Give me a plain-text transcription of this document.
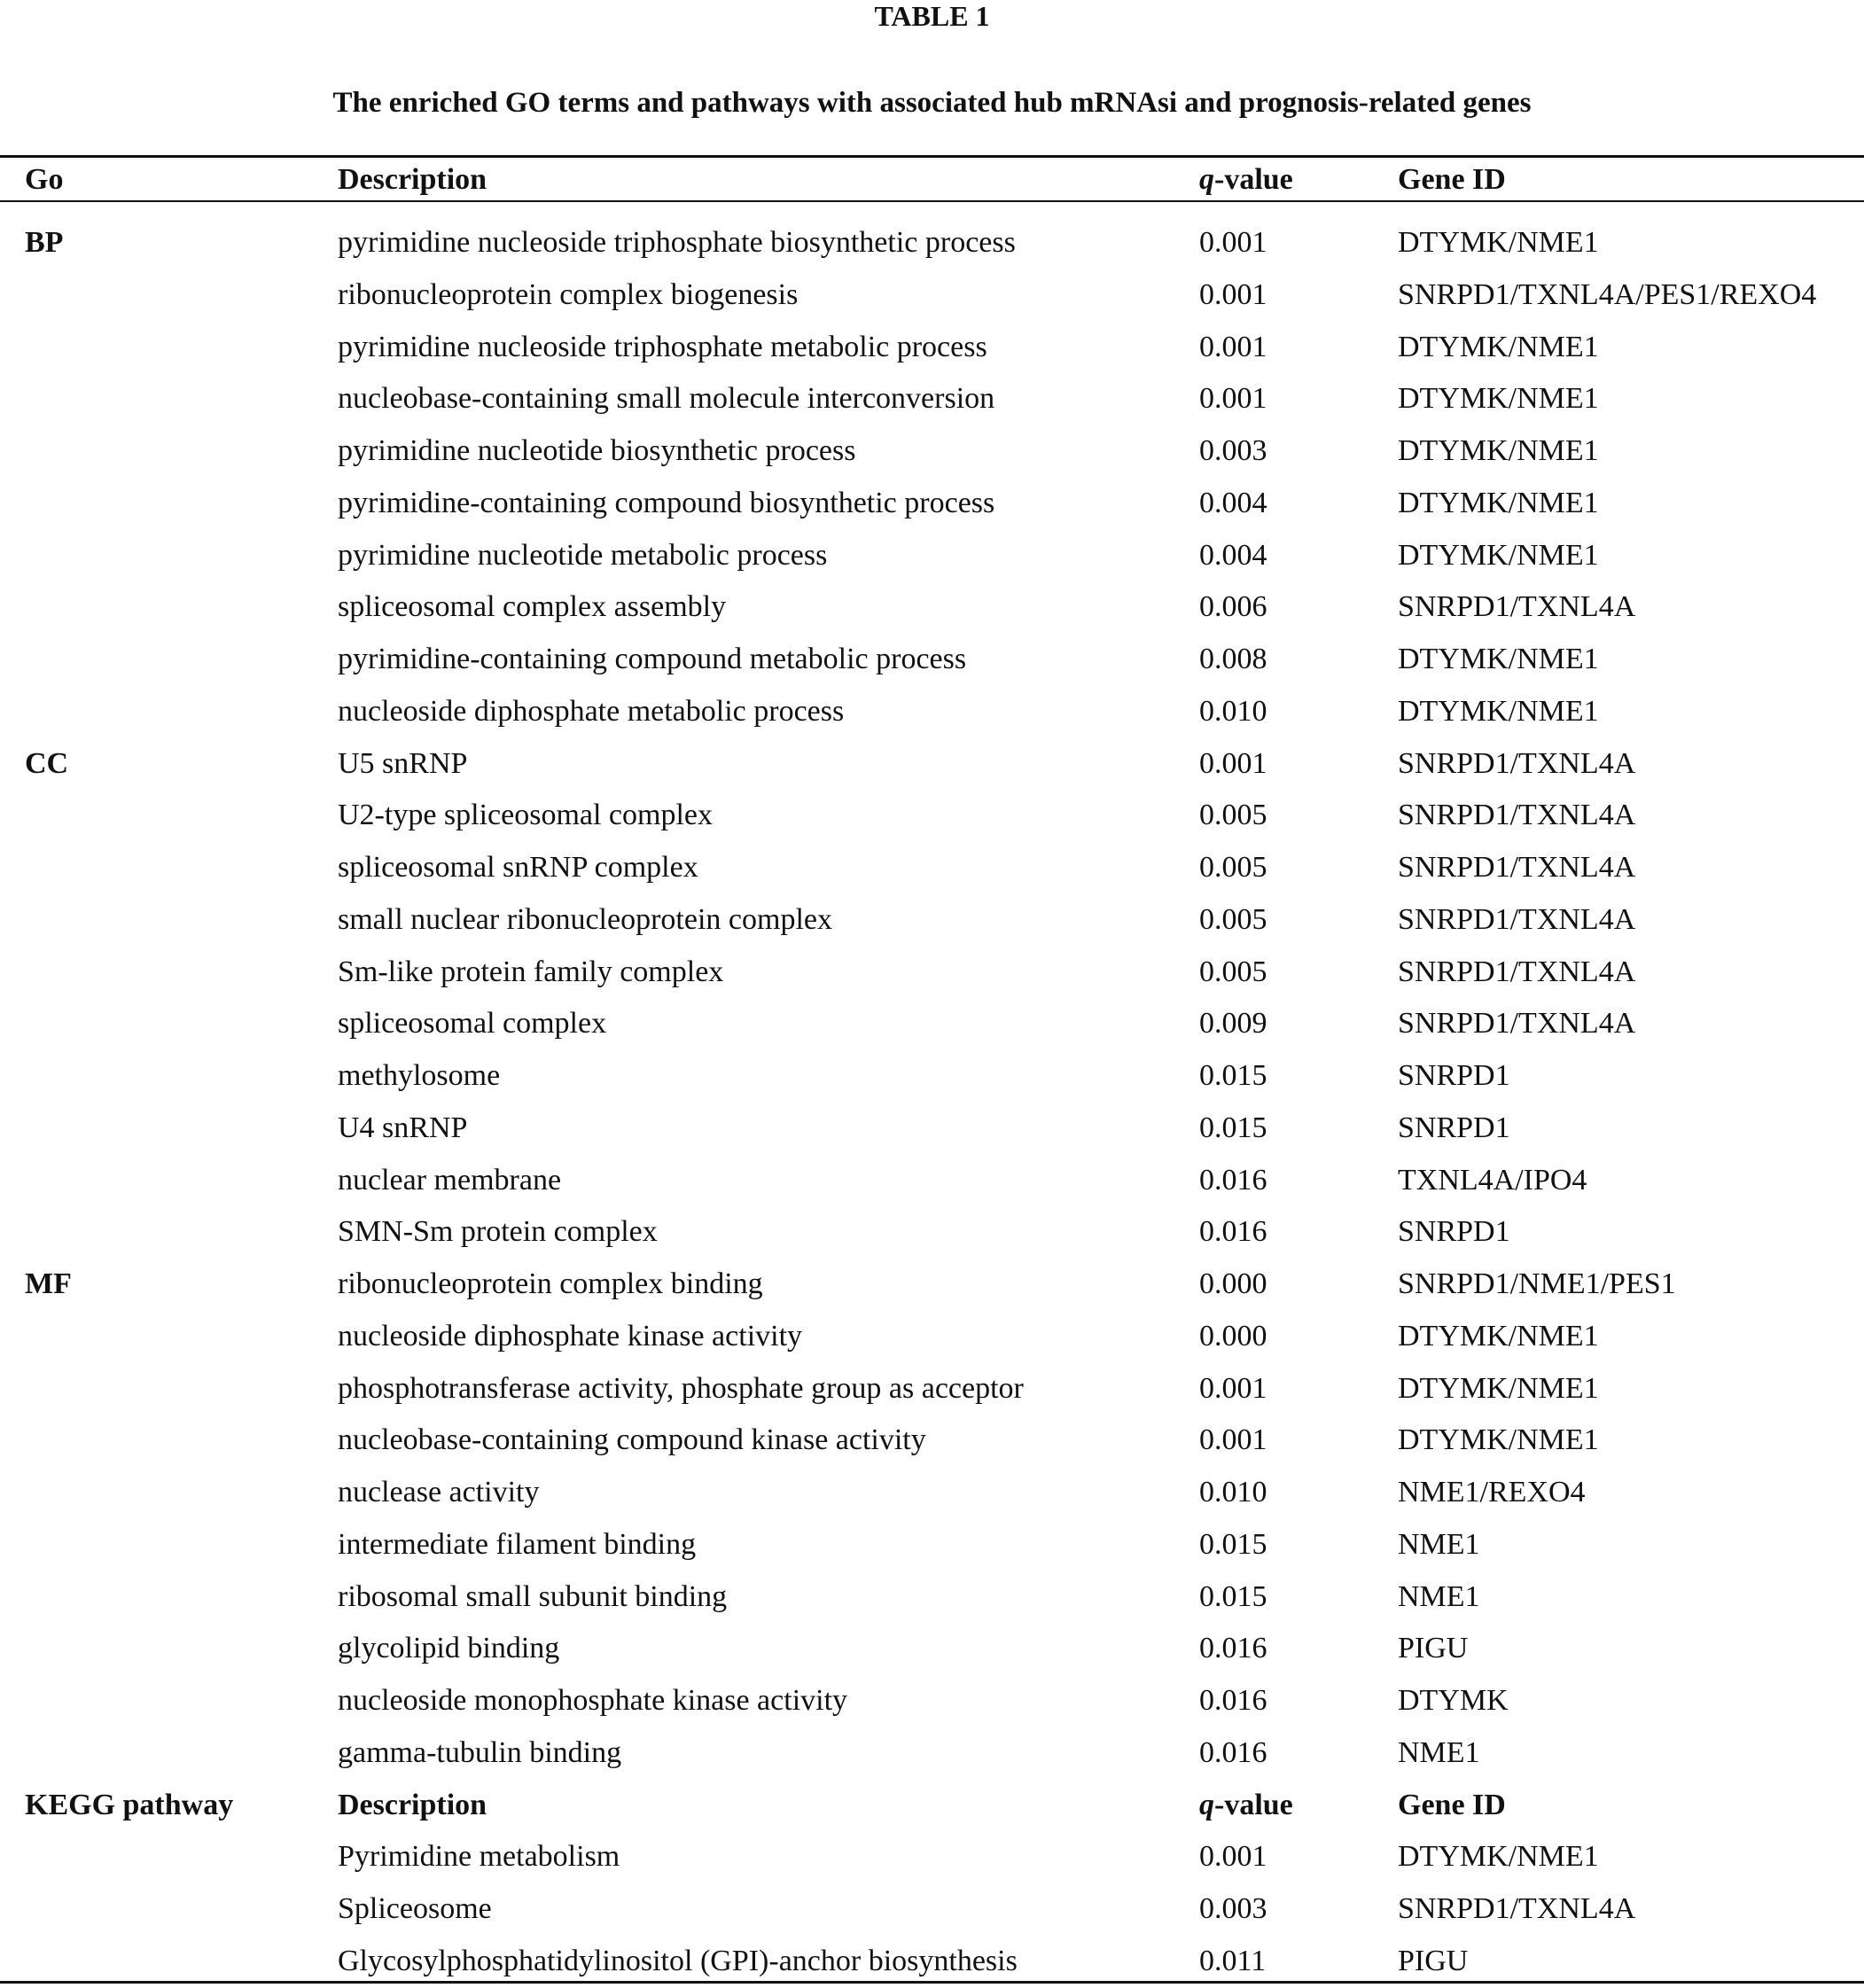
TABLE 1
The enriched GO terms and pathways with associated hub mRNAsi and prognosis-related genes
Go	Description	q-value	Gene ID
BP	pyrimidine nucleoside triphosphate biosynthetic process	0.001	DTYMK/NME1
ribonucleoprotein complex biogenesis	0.001	SNRPD1/TXNL4A/PES1/REXO4
pyrimidine nucleoside triphosphate metabolic process	0.001	DTYMK/NME1
nucleobase-containing small molecule interconversion	0.001	DTYMK/NME1
pyrimidine nucleotide biosynthetic process	0.003	DTYMK/NME1
pyrimidine-containing compound biosynthetic process	0.004	DTYMK/NME1
pyrimidine nucleotide metabolic process	0.004	DTYMK/NME1
spliceosomal complex assembly	0.006	SNRPD1/TXNL4A
pyrimidine-containing compound metabolic process	0.008	DTYMK/NME1
nucleoside diphosphate metabolic process	0.010	DTYMK/NME1
CC	U5 snRNP	0.001	SNRPD1/TXNL4A
U2-type spliceosomal complex	0.005	SNRPD1/TXNL4A
spliceosomal snRNP complex	0.005	SNRPD1/TXNL4A
small nuclear ribonucleoprotein complex	0.005	SNRPD1/TXNL4A
Sm-like protein family complex	0.005	SNRPD1/TXNL4A
spliceosomal complex	0.009	SNRPD1/TXNL4A
methylosome	0.015	SNRPD1
U4 snRNP	0.015	SNRPD1
nuclear membrane	0.016	TXNL4A/IPO4
SMN-Sm protein complex	0.016	SNRPD1
MF	ribonucleoprotein complex binding	0.000	SNRPD1/NME1/PES1
nucleoside diphosphate kinase activity	0.000	DTYMK/NME1
phosphotransferase activity, phosphate group as acceptor	0.001	DTYMK/NME1
nucleobase-containing compound kinase activity	0.001	DTYMK/NME1
nuclease activity	0.010	NME1/REXO4
intermediate filament binding	0.015	NME1
ribosomal small subunit binding	0.015	NME1
glycolipid binding	0.016	PIGU
nucleoside monophosphate kinase activity	0.016	DTYMK
gamma-tubulin binding	0.016	NME1
KEGG pathway	Description	q-value	Gene ID
Pyrimidine metabolism	0.001	DTYMK/NME1
Spliceosome	0.003	SNRPD1/TXNL4A
Glycosylphosphatidylinositol (GPI)-anchor biosynthesis	0.011	PIGU
